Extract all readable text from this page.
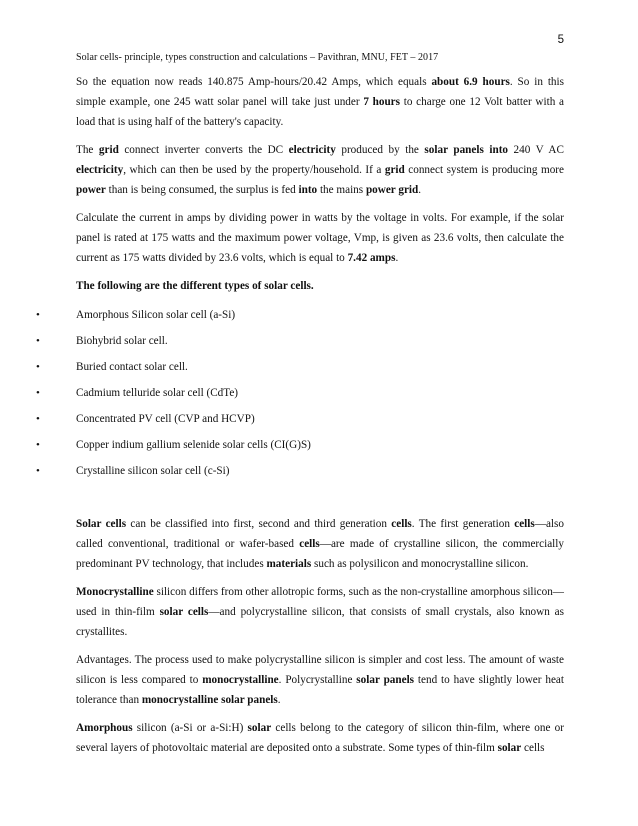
5
Solar cells- principle, types construction and calculations – Pavithran, MNU, FET – 2017

So the equation now reads 140.875 Amp-hours/20.42 Amps, which equals about 6.9 hours. So in this simple example, one 245 watt solar panel will take just under 7 hours to charge one 12 Volt batter with a load that is using half of the battery's capacity.

The grid connect inverter converts the DC electricity produced by the solar panels into 240 V AC electricity, which can then be used by the property/household. If a grid connect system is producing more power than is being consumed, the surplus is fed into the mains power grid.

Calculate the current in amps by dividing power in watts by the voltage in volts. For example, if the solar panel is rated at 175 watts and the maximum power voltage, Vmp, is given as 23.6 volts, then calculate the current as 175 watts divided by 23.6 volts, which is equal to 7.42 amps.

The following are the different types of solar cells.

•	Amorphous Silicon solar cell (a-Si)
•	Biohybrid solar cell.
•	Buried contact solar cell.
•	Cadmium telluride solar cell (CdTe)
•	Concentrated PV cell (CVP and HCVP)
•	Copper indium gallium selenide solar cells (CI(G)S)
•	Crystalline silicon solar cell (c-Si)

Solar cells can be classified into first, second and third generation cells. The first generation cells—also called conventional, traditional or wafer-based cells—are made of crystalline silicon, the commercially predominant PV technology, that includes materials such as polysilicon and monocrystalline silicon.

Monocrystalline silicon differs from other allotropic forms, such as the non-crystalline amorphous silicon—used in thin-film solar cells—and polycrystalline silicon, that consists of small crystals, also known as crystallites.

Advantages. The process used to make polycrystalline silicon is simpler and cost less. The amount of waste silicon is less compared to monocrystalline. Polycrystalline solar panels tend to have slightly lower heat tolerance than monocrystalline solar panels.

Amorphous silicon (a-Si or a-Si:H) solar cells belong to the category of silicon thin-film, where one or several layers of photovoltaic material are deposited onto a substrate. Some types of thin-film solar cells
